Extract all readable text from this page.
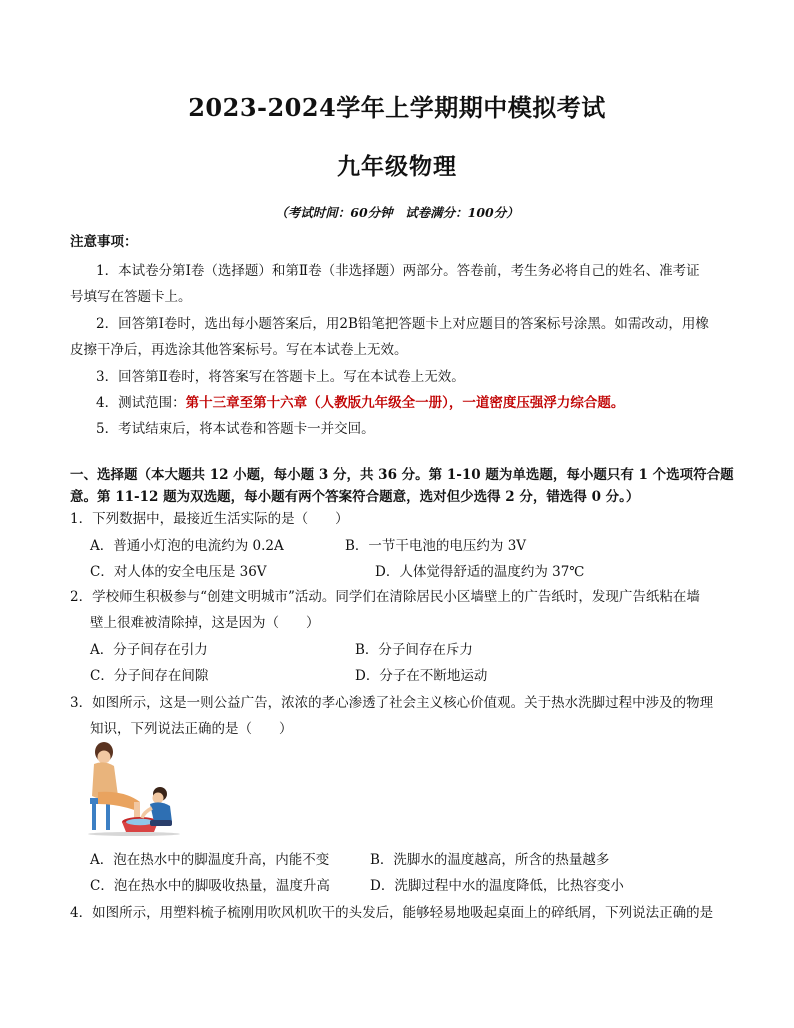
2023-2024学年上学期期中模拟考试
九年级物理
（考试时间：60分钟　试卷满分：100分）
注意事项：
1．本试卷分第Ⅰ卷（选择题）和第Ⅱ卷（非选择题）两部分。答卷前，考生务必将自己的姓名、准考证
号填写在答题卡上。
2．回答第Ⅰ卷时，选出每小题答案后，用2B铅笔把答题卡上对应题目的答案标号涂黑。如需改动，用橡
皮擦干净后，再选涂其他答案标号。写在本试卷上无效。
3．回答第Ⅱ卷时，将答案写在答题卡上。写在本试卷上无效。
4．测试范围：第十三章至第十六章（人教版九年级全一册），一道密度压强浮力综合题。
5．考试结束后，将本试卷和答题卡一并交回。
一、选择题（本大题共 12 小题，每小题 3 分，共 36 分。第 1-10 题为单选题，每小题只有 1 个选项符合题
意。第 11-12 题为双选题，每小题有两个答案符合题意，选对但少选得 2 分，错选得 0 分。）
1．下列数据中，最接近生活实际的是（　　）
A．普通小灯泡的电流约为 0.2A	B．一节干电池的电压约为 3V
C．对人体的安全电压是 36V	D．人体觉得舒适的温度约为 37℃
2．学校师生积极参与“创建文明城市”活动。同学们在清除居民小区墙壁上的广告纸时，发现广告纸粘在墙
壁上很难被清除掉，这是因为（　　）
A．分子间存在引力	B．分子间存在斥力
C．分子间存在间隙	D．分子在不断地运动
3．如图所示，这是一则公益广告，浓浓的孝心渗透了社会主义核心价值观。关于热水洗脚过程中涉及的物理
知识，下列说法正确的是（　　）
A．泡在热水中的脚温度升高，内能不变	B．洗脚水的温度越高，所含的热量越多
C．泡在热水中的脚吸收热量，温度升高	D．洗脚过程中水的温度降低，比热容变小
4．如图所示，用塑料梳子梳刚用吹风机吹干的头发后，能够轻易地吸起桌面上的碎纸屑，下列说法正确的是
